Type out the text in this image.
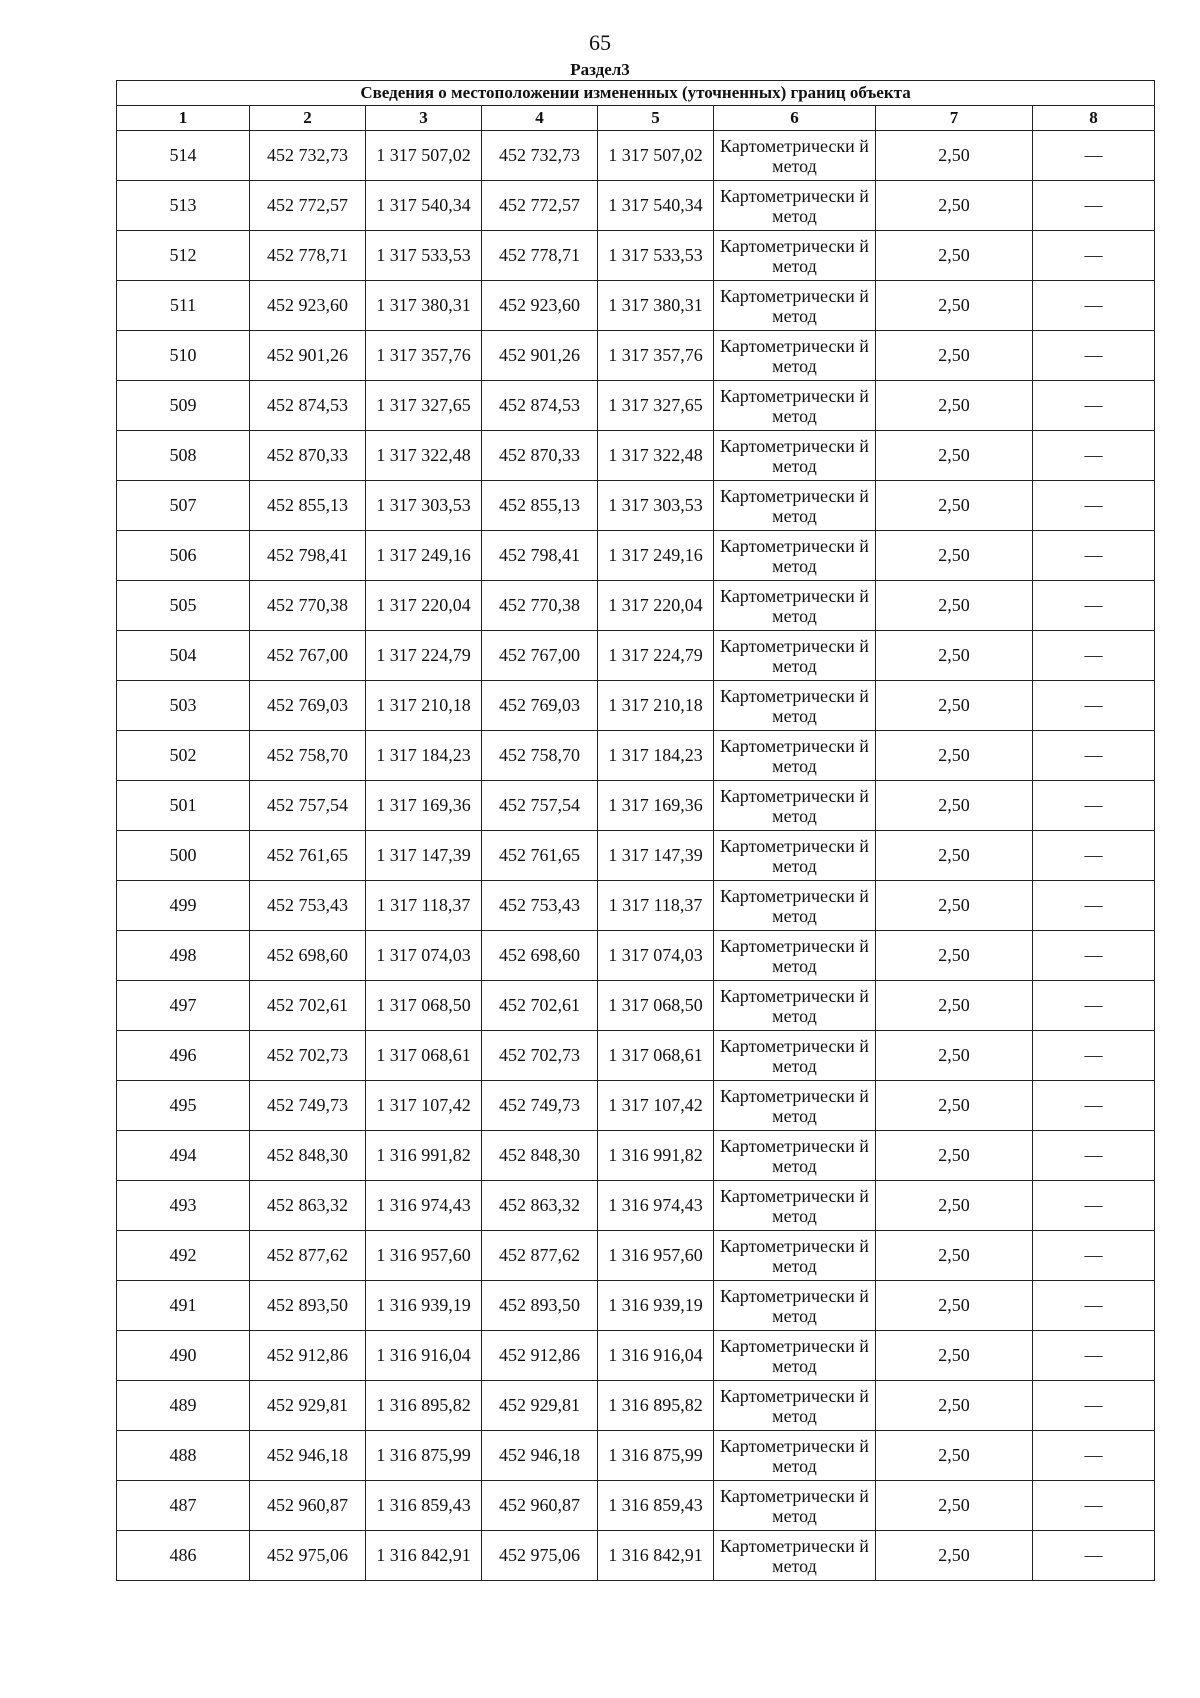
65
Раздел3
Сведения о местоположении измененных (уточненных) границ объекта							
1	2	3	4	5	6	7	8
514	452 732,73	1 317 507,02	452 732,73	1 317 507,02	Картометрически й метод	2,50	—
513	452 772,57	1 317 540,34	452 772,57	1 317 540,34	Картометрически й метод	2,50	—
512	452 778,71	1 317 533,53	452 778,71	1 317 533,53	Картометрически й метод	2,50	—
511	452 923,60	1 317 380,31	452 923,60	1 317 380,31	Картометрически й метод	2,50	—
510	452 901,26	1 317 357,76	452 901,26	1 317 357,76	Картометрически й метод	2,50	—
509	452 874,53	1 317 327,65	452 874,53	1 317 327,65	Картометрически й метод	2,50	—
508	452 870,33	1 317 322,48	452 870,33	1 317 322,48	Картометрически й метод	2,50	—
507	452 855,13	1 317 303,53	452 855,13	1 317 303,53	Картометрически й метод	2,50	—
506	452 798,41	1 317 249,16	452 798,41	1 317 249,16	Картометрически й метод	2,50	—
505	452 770,38	1 317 220,04	452 770,38	1 317 220,04	Картометрически й метод	2,50	—
504	452 767,00	1 317 224,79	452 767,00	1 317 224,79	Картометрически й метод	2,50	—
503	452 769,03	1 317 210,18	452 769,03	1 317 210,18	Картометрически й метод	2,50	—
502	452 758,70	1 317 184,23	452 758,70	1 317 184,23	Картометрически й метод	2,50	—
501	452 757,54	1 317 169,36	452 757,54	1 317 169,36	Картометрически й метод	2,50	—
500	452 761,65	1 317 147,39	452 761,65	1 317 147,39	Картометрически й метод	2,50	—
499	452 753,43	1 317 118,37	452 753,43	1 317 118,37	Картометрически й метод	2,50	—
498	452 698,60	1 317 074,03	452 698,60	1 317 074,03	Картометрически й метод	2,50	—
497	452 702,61	1 317 068,50	452 702,61	1 317 068,50	Картометрически й метод	2,50	—
496	452 702,73	1 317 068,61	452 702,73	1 317 068,61	Картометрически й метод	2,50	—
495	452 749,73	1 317 107,42	452 749,73	1 317 107,42	Картометрически й метод	2,50	—
494	452 848,30	1 316 991,82	452 848,30	1 316 991,82	Картометрически й метод	2,50	—
493	452 863,32	1 316 974,43	452 863,32	1 316 974,43	Картометрически й метод	2,50	—
492	452 877,62	1 316 957,60	452 877,62	1 316 957,60	Картометрически й метод	2,50	—
491	452 893,50	1 316 939,19	452 893,50	1 316 939,19	Картометрически й метод	2,50	—
490	452 912,86	1 316 916,04	452 912,86	1 316 916,04	Картометрически й метод	2,50	—
489	452 929,81	1 316 895,82	452 929,81	1 316 895,82	Картометрически й метод	2,50	—
488	452 946,18	1 316 875,99	452 946,18	1 316 875,99	Картометрически й метод	2,50	—
487	452 960,87	1 316 859,43	452 960,87	1 316 859,43	Картометрически й метод	2,50	—
486	452 975,06	1 316 842,91	452 975,06	1 316 842,91	Картометрически й метод	2,50	—
